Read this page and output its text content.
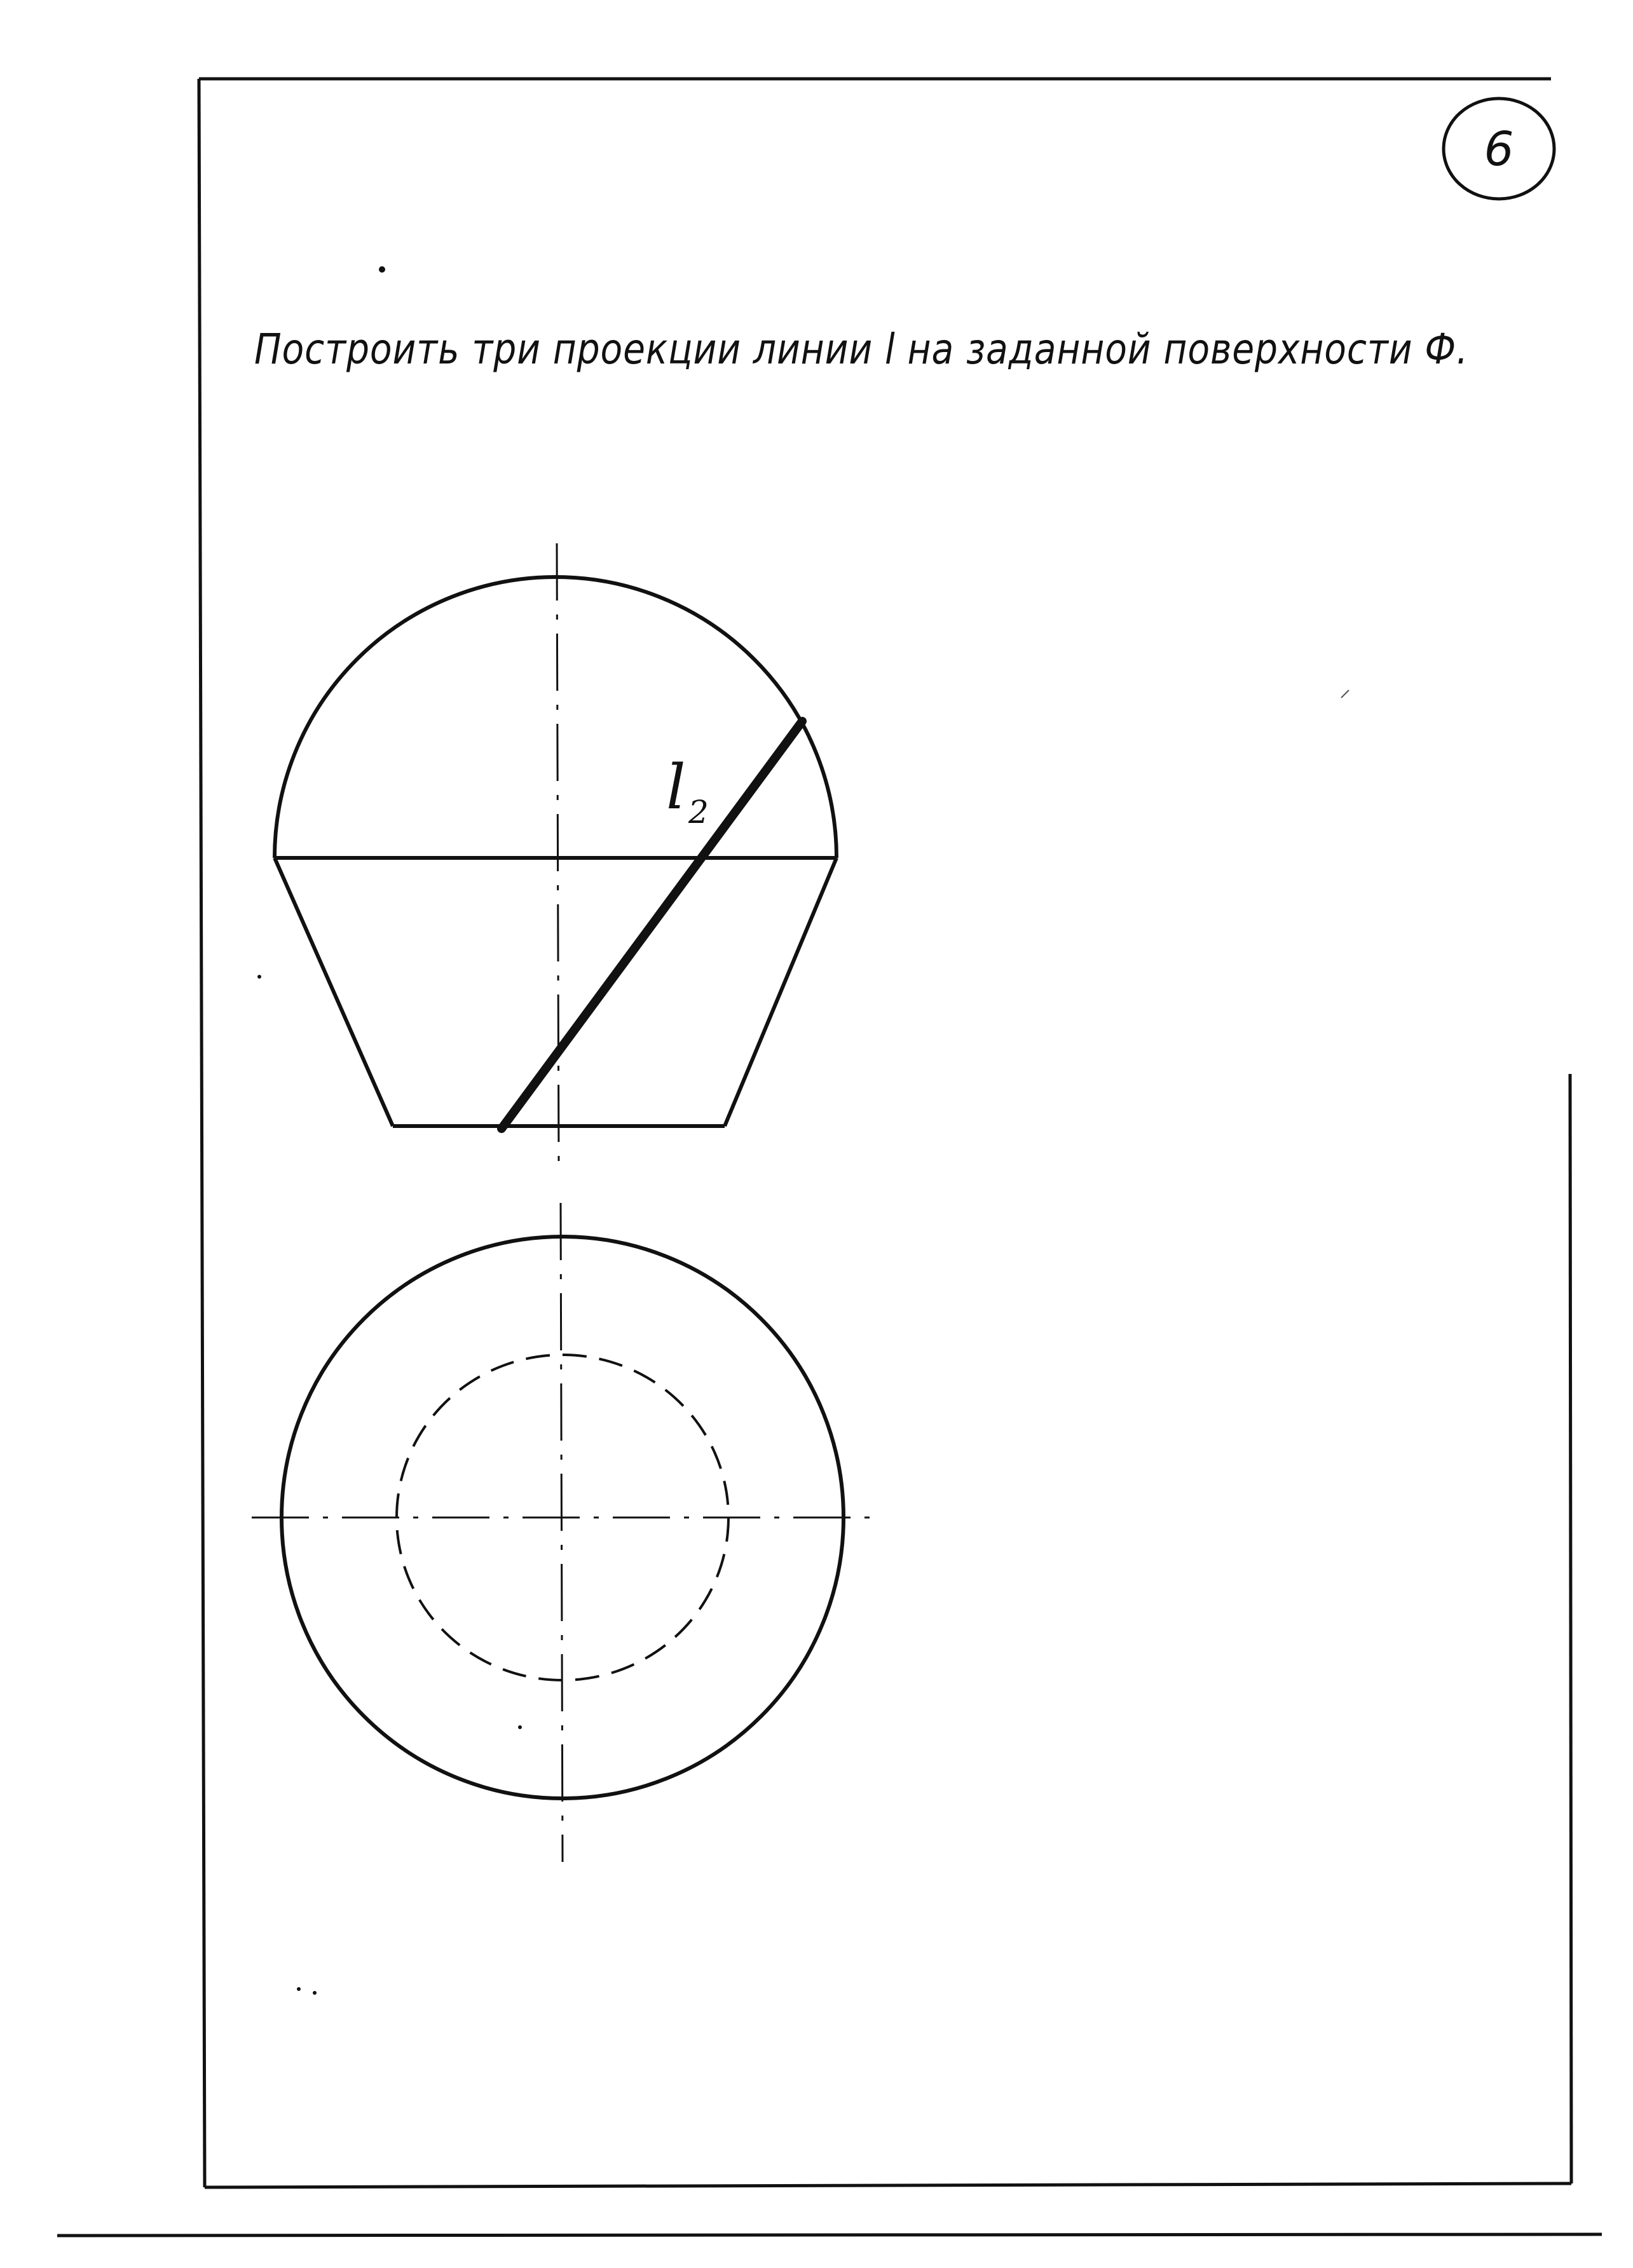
6
Построить три проекции линии l на заданной поверхности Ф.
l 2
